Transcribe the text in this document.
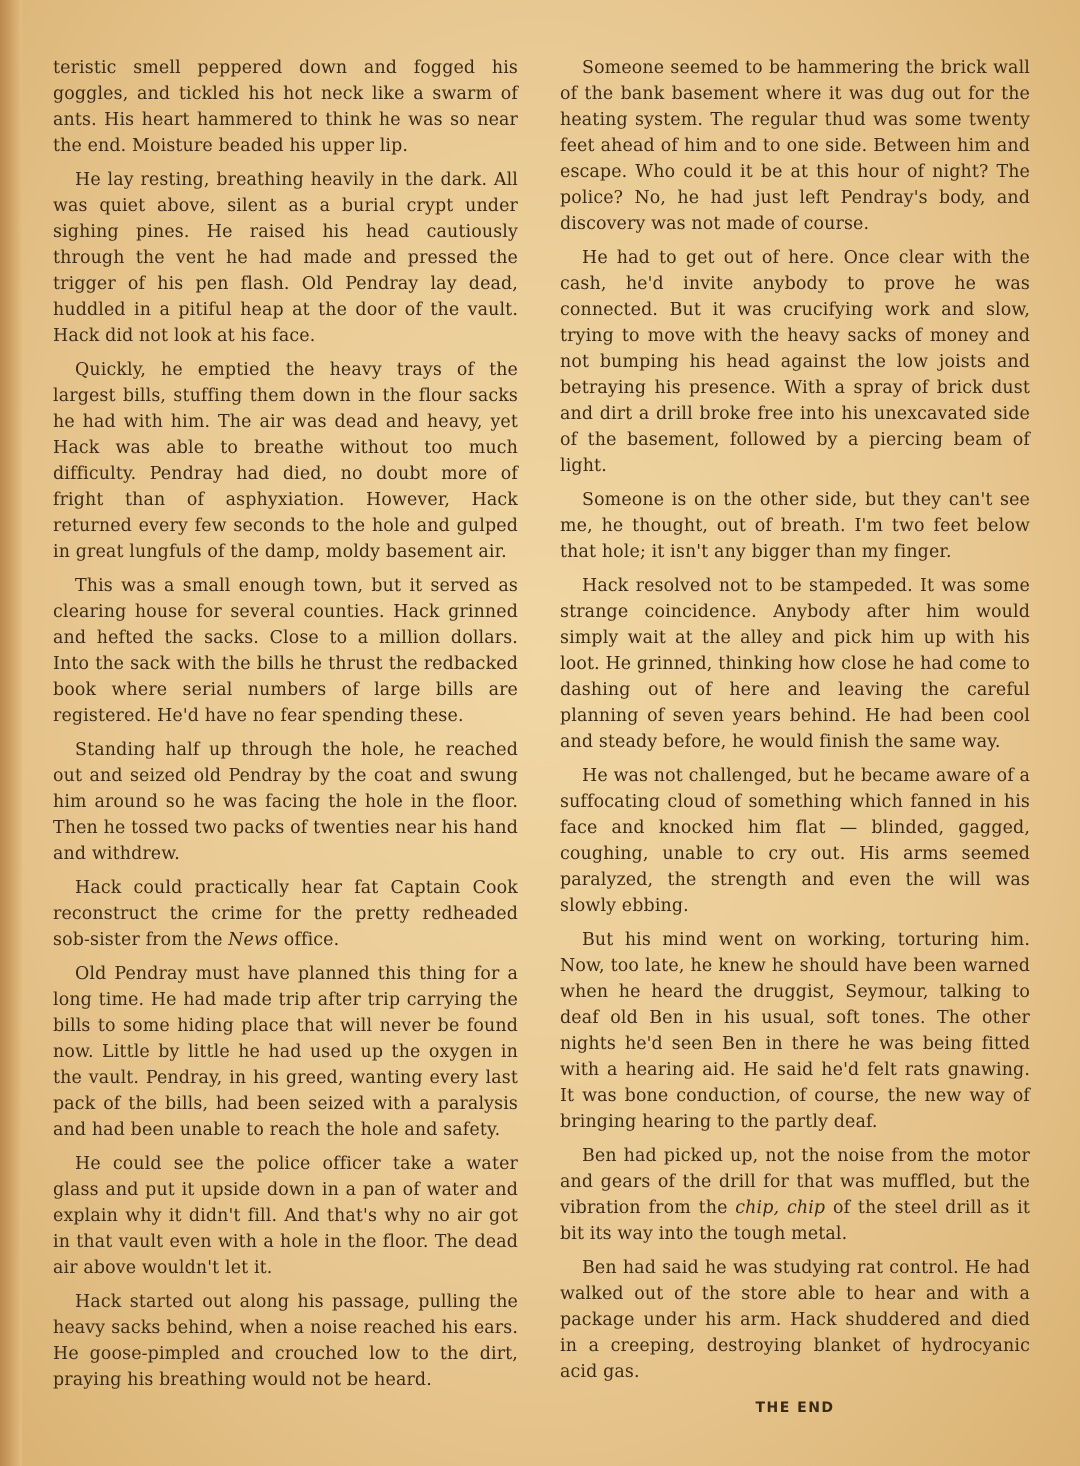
teristic smell peppered down and fogged his goggles, and tickled his hot neck like a swarm of ants. His heart hammered to think he was so near the end. Moisture beaded his upper lip.

He lay resting, breathing heavily in the dark. All was quiet above, silent as a burial crypt under sighing pines. He raised his head cautiously through the vent he had made and pressed the trigger of his pen flash. Old Pendray lay dead, huddled in a pitiful heap at the door of the vault. Hack did not look at his face.

Quickly, he emptied the heavy trays of the largest bills, stuffing them down in the flour sacks he had with him. The air was dead and heavy, yet Hack was able to breathe without too much difficulty. Pendray had died, no doubt more of fright than of asphyxiation. However, Hack returned every few seconds to the hole and gulped in great lungfuls of the damp, moldy basement air.

This was a small enough town, but it served as clearing house for several counties. Hack grinned and hefted the sacks. Close to a million dollars. Into the sack with the bills he thrust the redbacked book where serial numbers of large bills are registered. He'd have no fear spending these.

Standing half up through the hole, he reached out and seized old Pendray by the coat and swung him around so he was facing the hole in the floor. Then he tossed two packs of twenties near his hand and withdrew.

Hack could practically hear fat Captain Cook reconstruct the crime for the pretty redheaded sob-sister from the News office.

Old Pendray must have planned this thing for a long time. He had made trip after trip carrying the bills to some hiding place that will never be found now. Little by little he had used up the oxygen in the vault. Pendray, in his greed, wanting every last pack of the bills, had been seized with a paralysis and had been unable to reach the hole and safety.

He could see the police officer take a water glass and put it upside down in a pan of water and explain why it didn't fill. And that's why no air got in that vault even with a hole in the floor. The dead air above wouldn't let it.

Hack started out along his passage, pulling the heavy sacks behind, when a noise reached his ears. He goose-pimpled and crouched low to the dirt, praying his breathing would not be heard.

Someone seemed to be hammering the brick wall of the bank basement where it was dug out for the heating system. The regular thud was some twenty feet ahead of him and to one side. Between him and escape. Who could it be at this hour of night? The police? No, he had just left Pendray's body, and discovery was not made of course.

He had to get out of here. Once clear with the cash, he'd invite anybody to prove he was connected. But it was crucifying work and slow, trying to move with the heavy sacks of money and not bumping his head against the low joists and betraying his presence. With a spray of brick dust and dirt a drill broke free into his unexcavated side of the basement, followed by a piercing beam of light.

Someone is on the other side, but they can't see me, he thought, out of breath. I'm two feet below that hole; it isn't any bigger than my finger.

Hack resolved not to be stampeded. It was some strange coincidence. Anybody after him would simply wait at the alley and pick him up with his loot. He grinned, thinking how close he had come to dashing out of here and leaving the careful planning of seven years behind. He had been cool and steady before, he would finish the same way.

He was not challenged, but he became aware of a suffocating cloud of something which fanned in his face and knocked him flat — blinded, gagged, coughing, unable to cry out. His arms seemed paralyzed, the strength and even the will was slowly ebbing.

But his mind went on working, torturing him. Now, too late, he knew he should have been warned when he heard the druggist, Seymour, talking to deaf old Ben in his usual, soft tones. The other nights he'd seen Ben in there he was being fitted with a hearing aid. He said he'd felt rats gnawing. It was bone conduction, of course, the new way of bringing hearing to the partly deaf.

Ben had picked up, not the noise from the motor and gears of the drill for that was muffled, but the vibration from the chip, chip of the steel drill as it bit its way into the tough metal.

Ben had said he was studying rat control. He had walked out of the store able to hear and with a package under his arm. Hack shuddered and died in a creeping, destroying blanket of hydrocyanic acid gas.

THE END
